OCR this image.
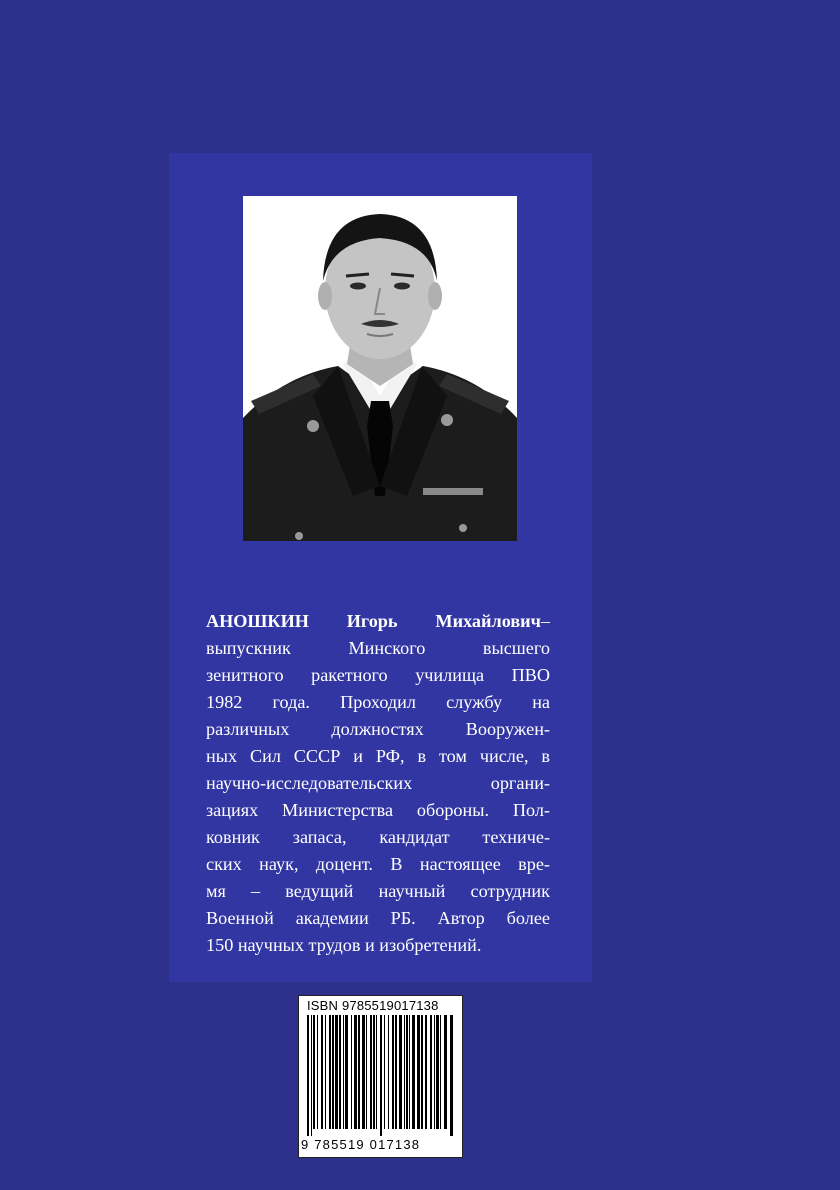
АНОШКИН Игорь Михайлович–
выпускник Минского высшего
зенитного ракетного училища ПВО
1982 года. Проходил службу на
различных должностях Вооружен-
ных Сил СССР и РФ, в том числе, в
научно-исследовательских органи-
зациях Министерства обороны. Пол-
ковник запаса, кандидат техниче-
ских наук, доцент. В настоящее вре-
мя – ведущий научный сотрудник
Военной академии РБ. Автор более
150 научных трудов и изобретений.
ISBN 9785519017138
9 785519 017138
